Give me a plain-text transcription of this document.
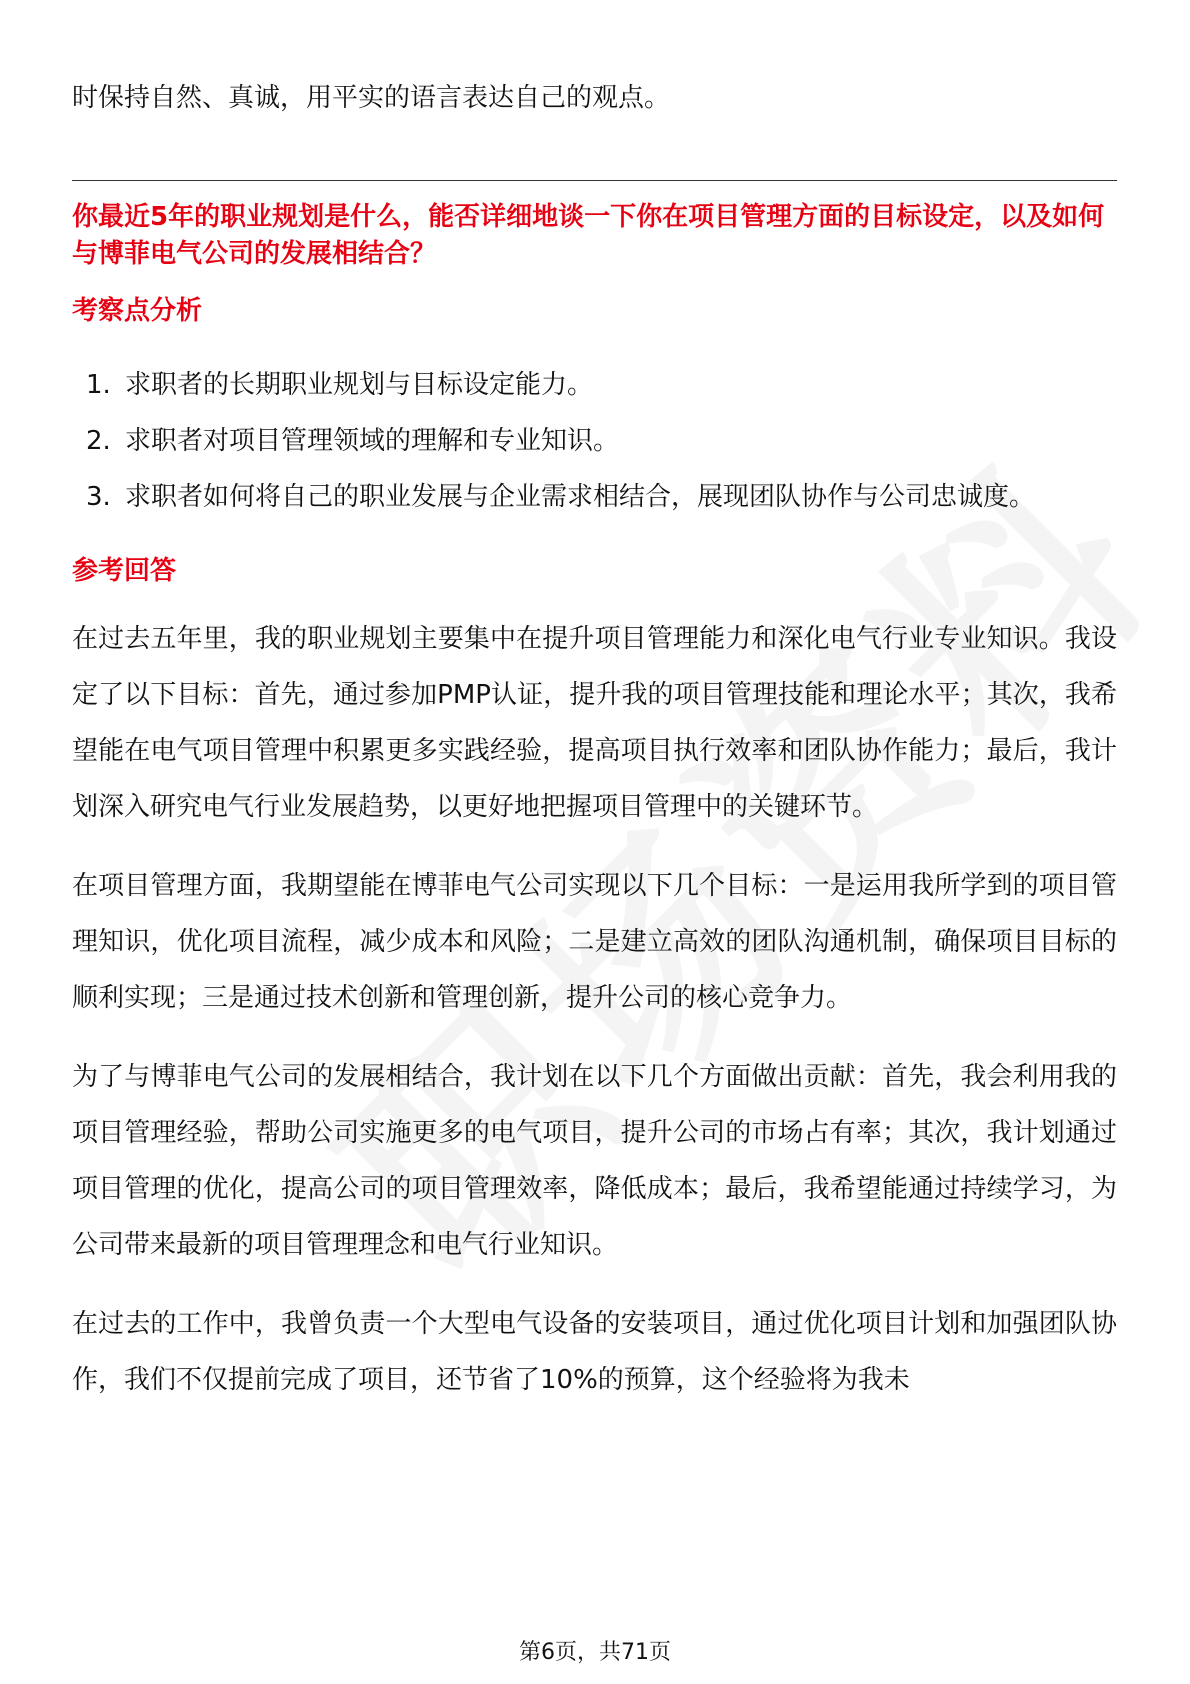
时保持自然、真诚，用平实的语言表达自己的观点。

你最近5年的职业规划是什么，能否详细地谈一下你在项目管理方面的目标设定，以及如何与博菲电气公司的发展相结合？
考察点分析
1. 求职者的长期职业规划与目标设定能力。
2. 求职者对项目管理领域的理解和专业知识。
3. 求职者如何将自己的职业发展与企业需求相结合，展现团队协作与公司忠诚度。
参考回答

在过去五年里，我的职业规划主要集中在提升项目管理能力和深化电气行业专业知识。我设定了以下目标：首先，通过参加PMP认证，提升我的项目管理技能和理论水平；其次，我希望能在电气项目管理中积累更多实践经验，提高项目执行效率和团队协作能力；最后，我计划深入研究电气行业发展趋势，以更好地把握项目管理中的关键环节。

在项目管理方面，我期望能在博菲电气公司实现以下几个目标：一是运用我所学到的项目管理知识，优化项目流程，减少成本和风险；二是建立高效的团队沟通机制，确保项目目标的顺利实现；三是通过技术创新和管理创新，提升公司的核心竞争力。

为了与博菲电气公司的发展相结合，我计划在以下几个方面做出贡献：首先，我会利用我的项目管理经验，帮助公司实施更多的电气项目，提升公司的市场占有率；其次，我计划通过项目管理的优化，提高公司的项目管理效率，降低成本；最后，我希望能通过持续学习，为公司带来最新的项目管理理念和电气行业知识。

在过去的工作中，我曾负责一个大型电气设备的安装项目，通过优化项目计划和加强团队协作，我们不仅提前完成了项目，还节省了10%的预算，这个经验将为我未

第6页，共71页
